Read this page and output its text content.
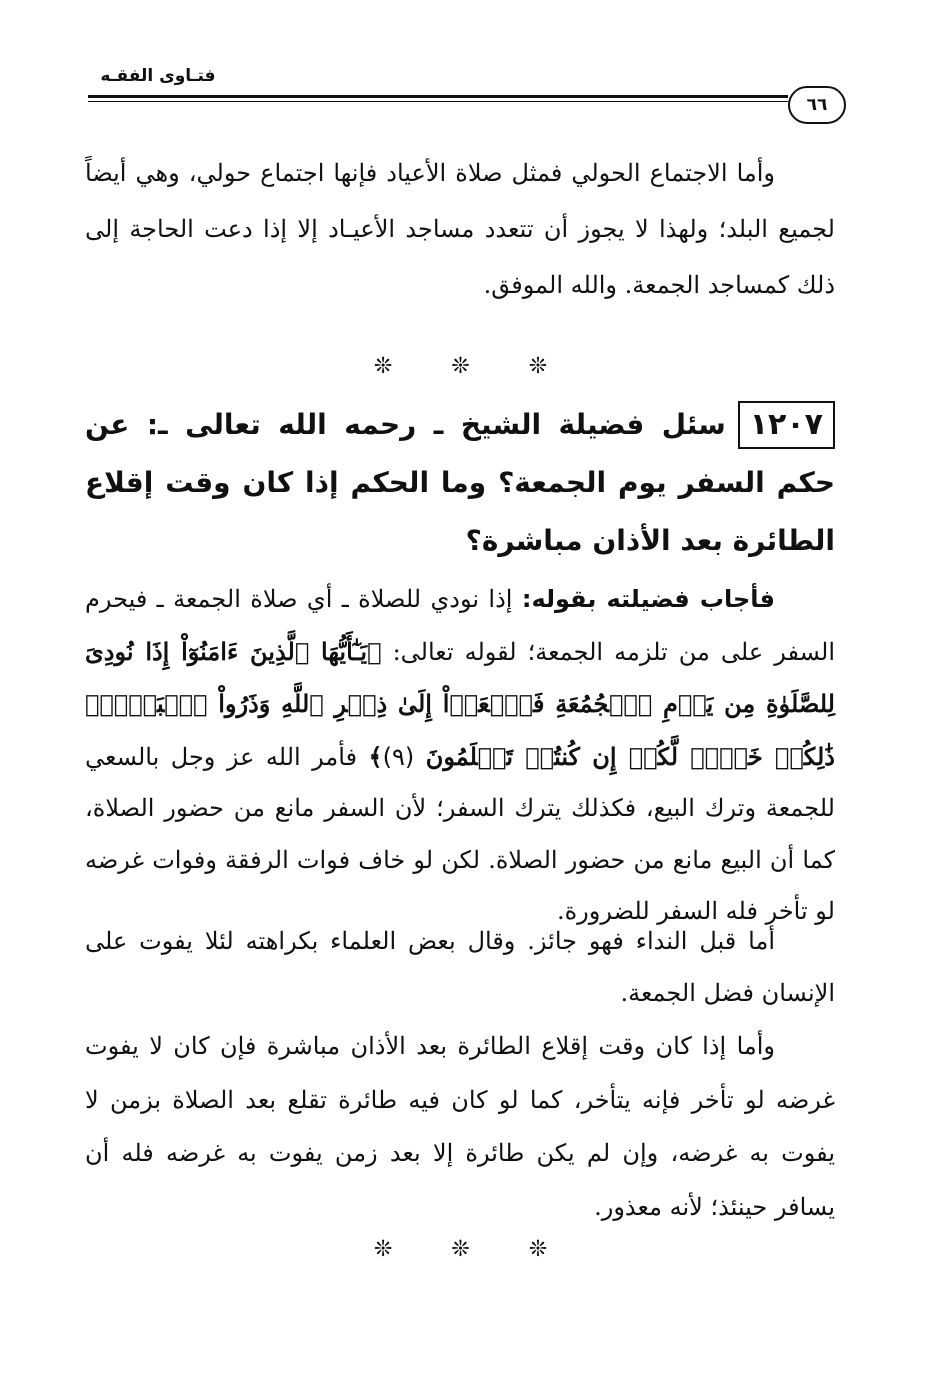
فتـاوى الفقـه
٦٦

وأما الاجتماع الحولي فمثل صلاة الأعياد فإنها اجتماع حولي، وهي أيضاً لجميع البلد؛ ولهذا لا يجوز أن تتعدد مساجد الأعيـاد إلا إذا دعت الحاجة إلى ذلك كمساجد الجمعة. والله الموفق.

❊ ❊ ❊
١٢٠٧سئل فضيلة الشيخ ـ رحمه الله تعالى ـ: عن حكم السفر يوم الجمعة؟ وما الحكم إذا كان وقت إقلاع الطائرة بعد الأذان مباشرة؟

فأجاب فضيلته بقوله: إذا نودي للصلاة ـ أي صلاة الجمعة ـ فيحرم السفر على من تلزمه الجمعة؛ لقوله تعالى: ﴿يَـٰٓأَيُّهَا ٱلَّذِينَ ءَامَنُوٓاْ إِذَا نُودِىَ لِلصَّلَوٰةِ مِن يَوۡمِ ٱلۡجُمُعَةِ فَٱسۡعَوۡاْ إِلَىٰ ذِكۡرِ ٱللَّهِ وَذَرُواْ ٱلۡبَيۡعَۚ ذَٰلِكُمۡ خَيۡرٞ لَّكُمۡ إِن كُنتُمۡ تَعۡلَمُونَ (٩)﴾ فأمر الله عز وجل بالسعي للجمعة وترك البيع، فكذلك يترك السفر؛ لأن السفر مانع من حضور الصلاة، كما أن البيع مانع من حضور الصلاة. لكن لو خاف فوات الرفقة وفوات غرضه لو تأخر فله السفر للضرورة.

أما قبل النداء فهو جائز. وقال بعض العلماء بكراهته لئلا يفوت على الإنسان فضل الجمعة.

وأما إذا كان وقت إقلاع الطائرة بعد الأذان مباشرة فإن كان لا يفوت غرضه لو تأخر فإنه يتأخر، كما لو كان فيه طائرة تقلع بعد الصلاة بزمن لا يفوت به غرضه، وإن لم يكن طائرة إلا بعد زمن يفوت به غرضه فله أن يسافر حينئذ؛ لأنه معذور.

❊ ❊ ❊
